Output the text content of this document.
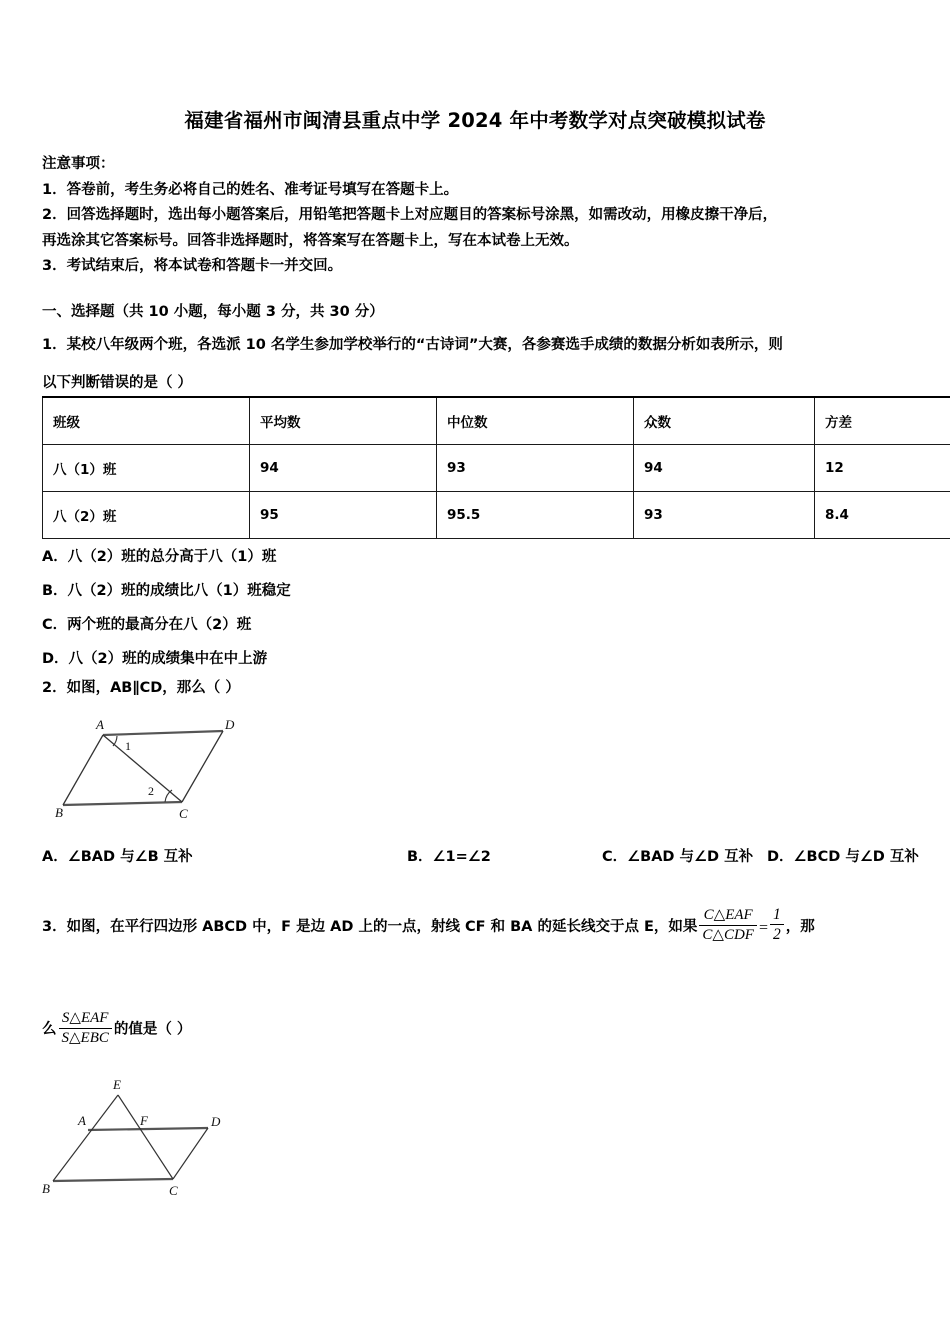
福建省福州市闽清县重点中学 2024 年中考数学对点突破模拟试卷
注意事项：
1．答卷前，考生务必将自己的姓名、准考证号填写在答题卡上。
2．回答选择题时，选出每小题答案后，用铅笔把答题卡上对应题目的答案标号涂黑，如需改动，用橡皮擦干净后，
再选涂其它答案标号。回答非选择题时，将答案写在答题卡上，写在本试卷上无效。
3．考试结束后，将本试卷和答题卡一并交回。
一、选择题（共 10 小题，每小题 3 分，共 30 分）
1．某校八年级两个班，各选派 10 名学生参加学校举行的“古诗词”大赛，各参赛选手成绩的数据分析如表所示，则
以下判断错误的是（ ）
班级	平均数	中位数	众数	方差
八（1）班	94	93	94	12
八（2）班	95	95.5	93	8.4
A．八（2）班的总分高于八（1）班
B．八（2）班的成绩比八（1）班稳定
C．两个班的最高分在八（2）班
D．八（2）班的成绩集中在中上游
2．如图，AB∥CD，那么（ ）
A	D
B	C
1
2
A．∠BAD 与∠B 互补	B．∠1=∠2	C．∠BAD 与∠D 互补 D．∠BCD 与∠D 互补
3．如图，在平行四边形 ABCD 中，F 是边 AD 上的一点，射线 CF 和 BA 的延长线交于点 E，如果 $\frac{\text{C△EAF}}{\text{C△CDF}} = \frac{1}{2}$ ，那
么 $\frac{\text{S△EAF}}{\text{S△EBC}}$ 的值是（ ）
E
A	F	D
B	C
